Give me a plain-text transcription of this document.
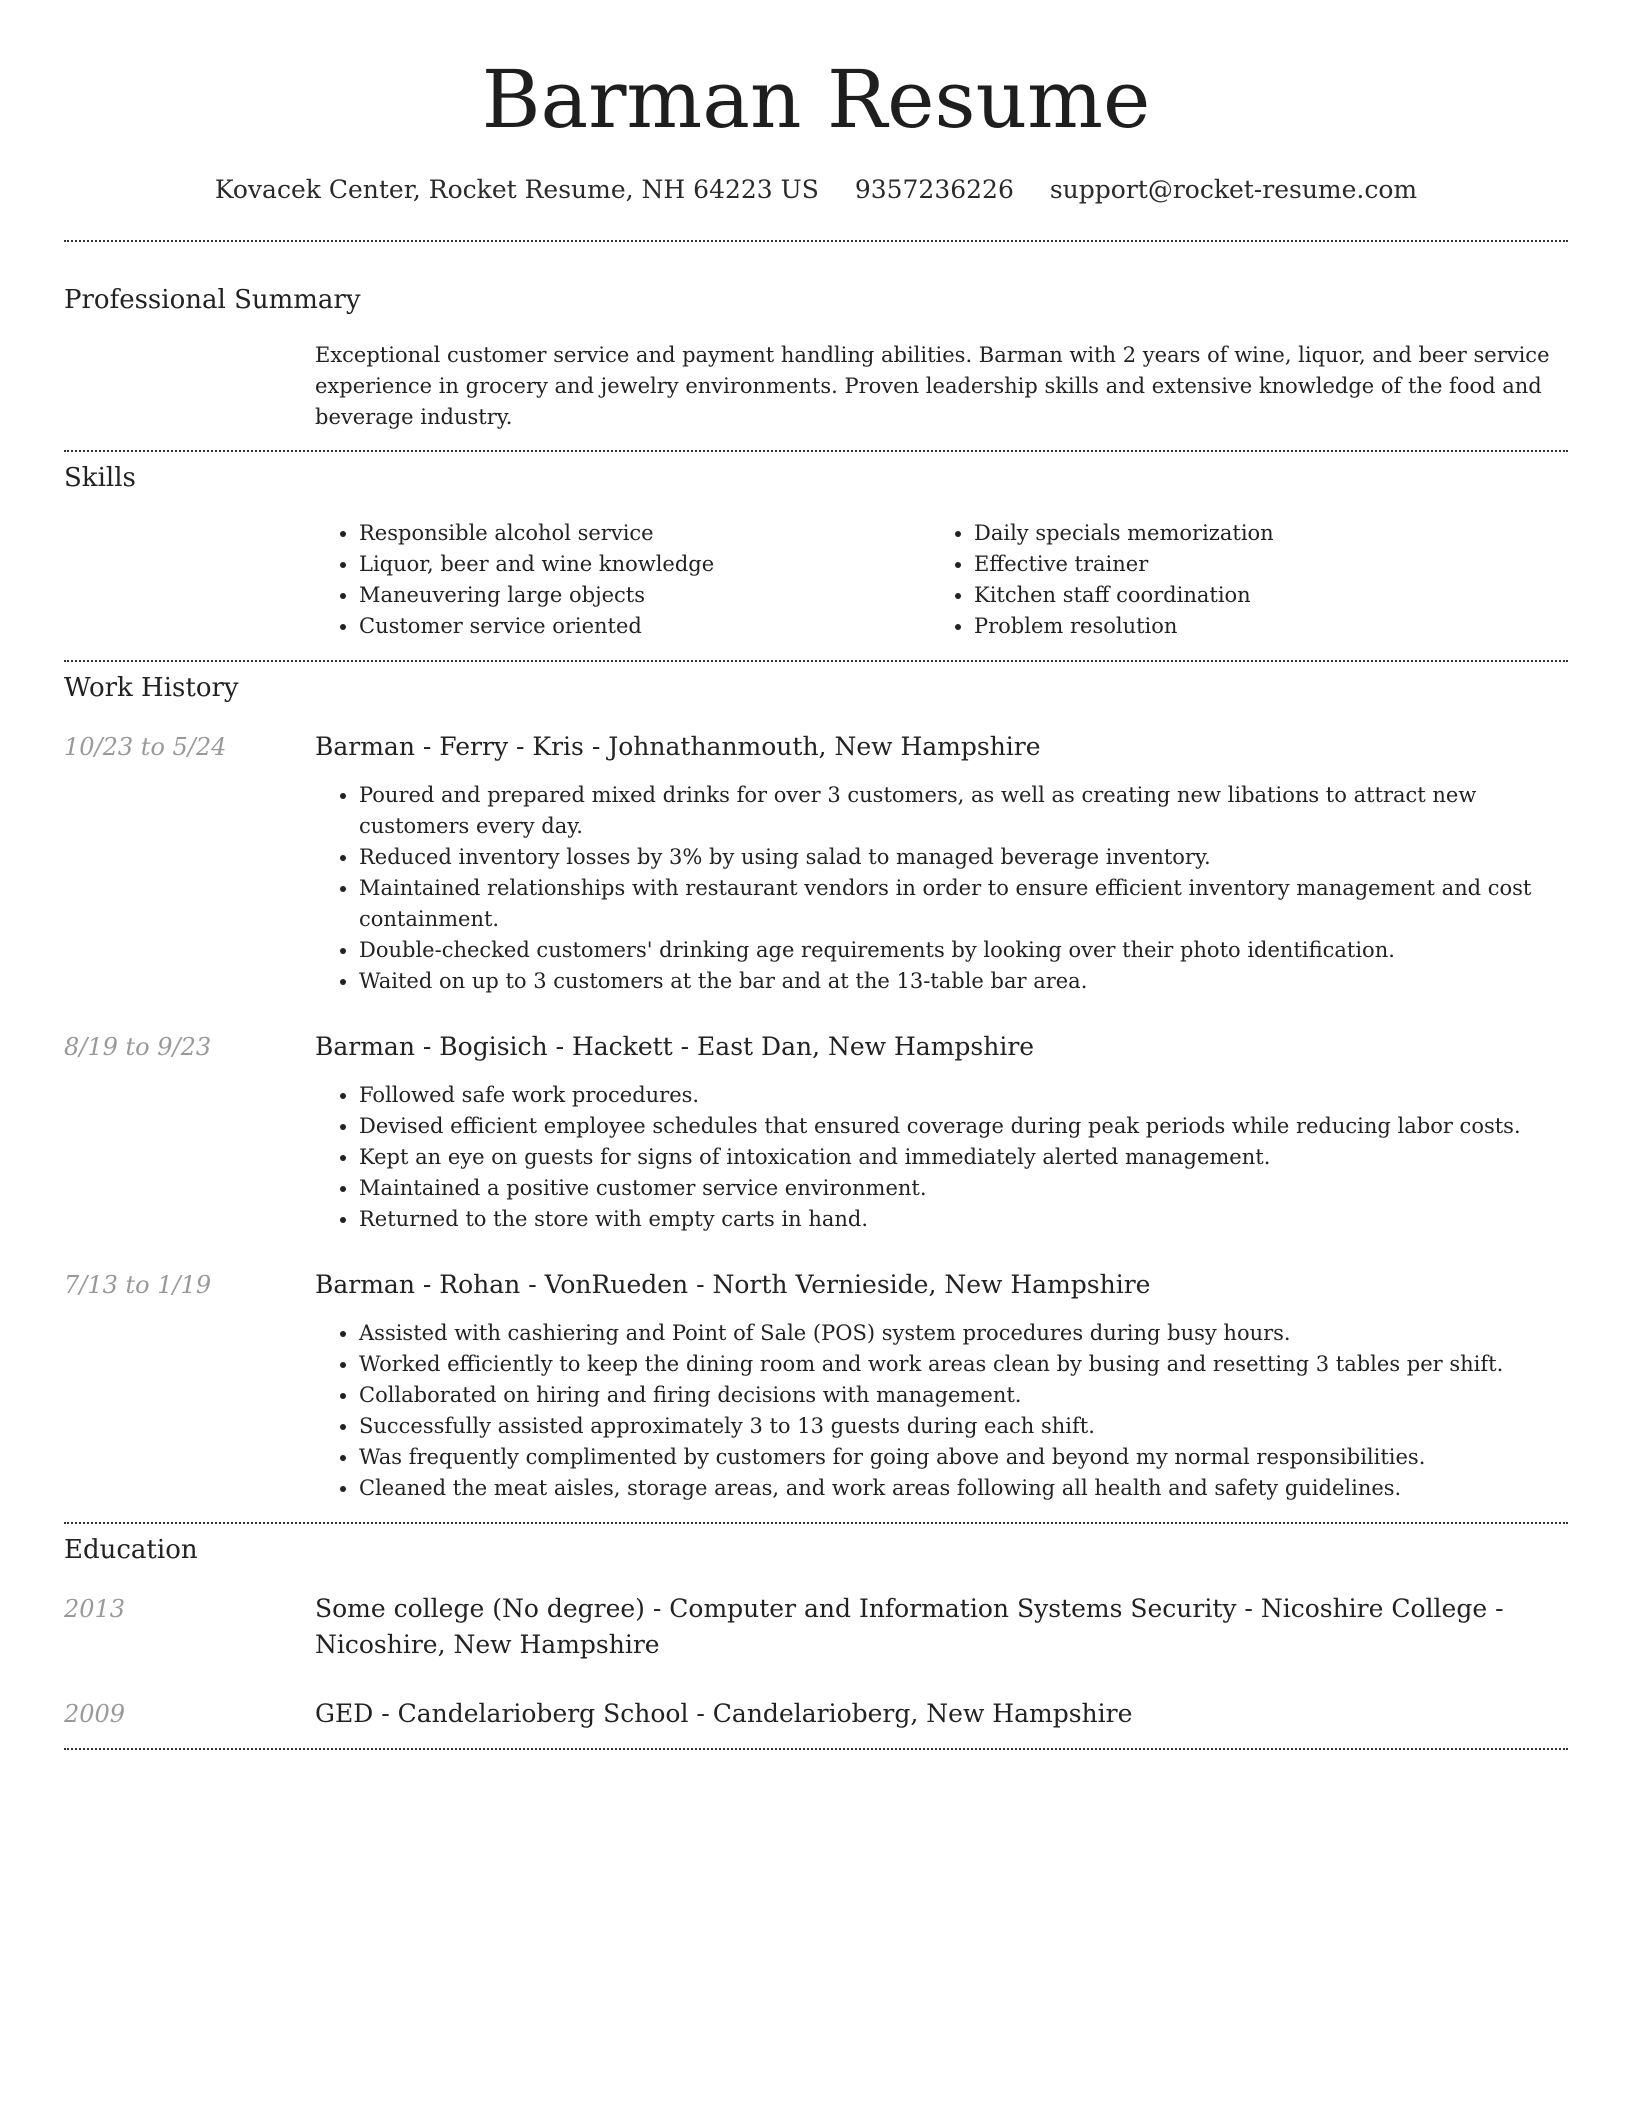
Barman Resume
Kovacek Center, Rocket Resume, NH 64223 US 9357236226 support@rocket-resume.com
Professional Summary
Exceptional customer service and payment handling abilities. Barman with 2 years of wine, liquor, and beer service experience in grocery and jewelry environments. Proven leadership skills and extensive knowledge of the food and beverage industry.
Skills
• Responsible alcohol service
• Liquor, beer and wine knowledge
• Maneuvering large objects
• Customer service oriented
• Daily specials memorization
• Effective trainer
• Kitchen staff coordination
• Problem resolution
Work History
10/23 to 5/24	Barman - Ferry - Kris - Johnathanmouth, New Hampshire
• Poured and prepared mixed drinks for over 3 customers, as well as creating new libations to attract new customers every day.
• Reduced inventory losses by 3% by using salad to managed beverage inventory.
• Maintained relationships with restaurant vendors in order to ensure efficient inventory management and cost containment.
• Double-checked customers' drinking age requirements by looking over their photo identification.
• Waited on up to 3 customers at the bar and at the 13-table bar area.
8/19 to 9/23	Barman - Bogisich - Hackett - East Dan, New Hampshire
• Followed safe work procedures.
• Devised efficient employee schedules that ensured coverage during peak periods while reducing labor costs.
• Kept an eye on guests for signs of intoxication and immediately alerted management.
• Maintained a positive customer service environment.
• Returned to the store with empty carts in hand.
7/13 to 1/19	Barman - Rohan - VonRueden - North Vernieside, New Hampshire
• Assisted with cashiering and Point of Sale (POS) system procedures during busy hours.
• Worked efficiently to keep the dining room and work areas clean by busing and resetting 3 tables per shift.
• Collaborated on hiring and firing decisions with management.
• Successfully assisted approximately 3 to 13 guests during each shift.
• Was frequently complimented by customers for going above and beyond my normal responsibilities.
• Cleaned the meat aisles, storage areas, and work areas following all health and safety guidelines.
Education
2013	Some college (No degree) - Computer and Information Systems Security - Nicoshire College - Nicoshire, New Hampshire
2009	GED - Candelarioberg School - Candelarioberg, New Hampshire
